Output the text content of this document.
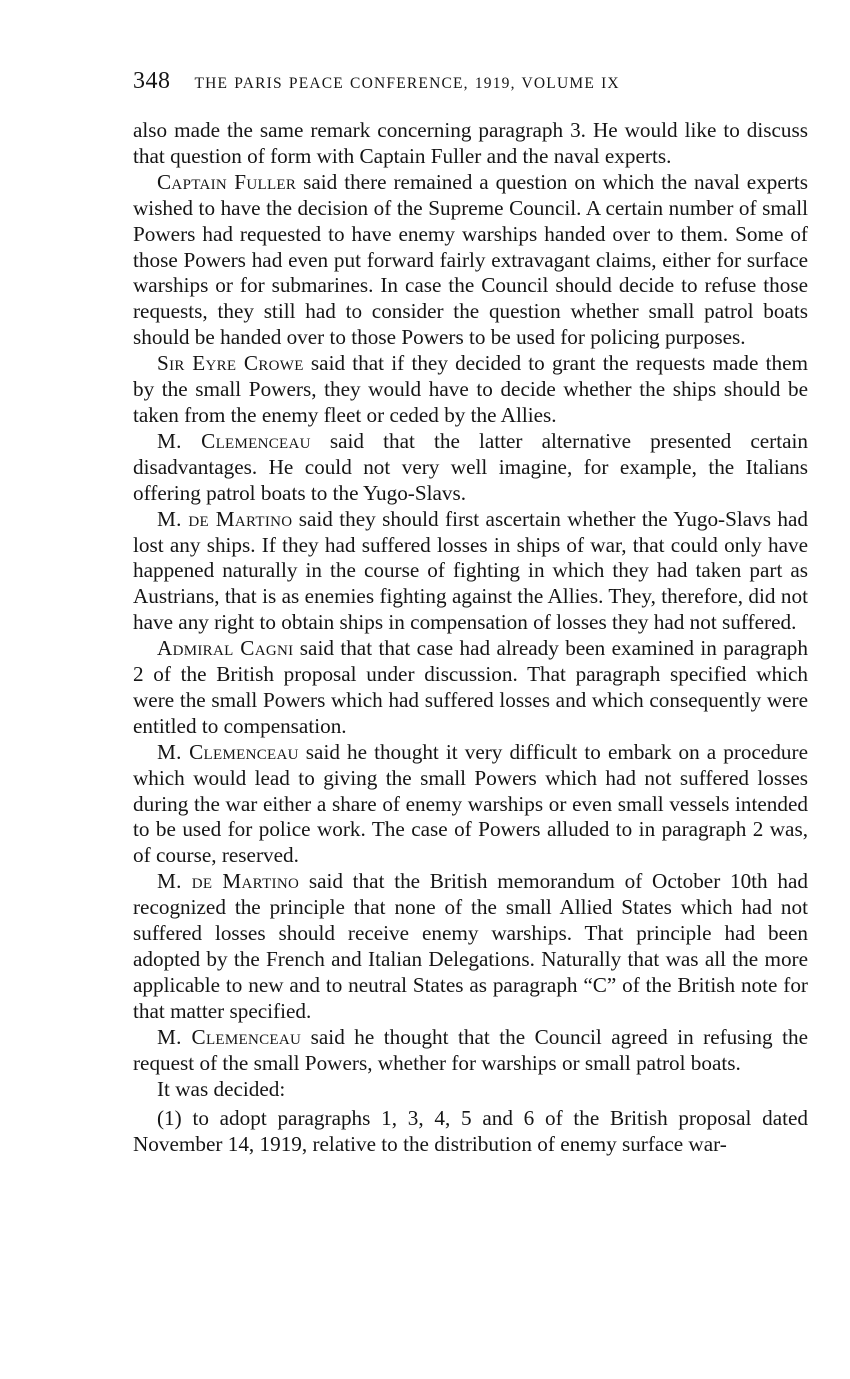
348 THE PARIS PEACE CONFERENCE, 1919, VOLUME IX

also made the same remark concerning paragraph 3. He would like to discuss that question of form with Captain Fuller and the naval experts.

Captain Fuller said there remained a question on which the naval experts wished to have the decision of the Supreme Council. A certain number of small Powers had requested to have enemy warships handed over to them. Some of those Powers had even put forward fairly extravagant claims, either for surface warships or for submarines. In case the Council should decide to refuse those requests, they still had to consider the question whether small patrol boats should be handed over to those Powers to be used for policing purposes.

Sir Eyre Crowe said that if they decided to grant the requests made them by the small Powers, they would have to decide whether the ships should be taken from the enemy fleet or ceded by the Allies.

M. Clemenceau said that the latter alternative presented certain disadvantages. He could not very well imagine, for example, the Italians offering patrol boats to the Yugo-Slavs.

M. de Martino said they should first ascertain whether the Yugo-Slavs had lost any ships. If they had suffered losses in ships of war, that could only have happened naturally in the course of fighting in which they had taken part as Austrians, that is as enemies fighting against the Allies. They, therefore, did not have any right to obtain ships in compensation of losses they had not suffered.

Admiral Cagni said that that case had already been examined in paragraph 2 of the British proposal under discussion. That paragraph specified which were the small Powers which had suffered losses and which consequently were entitled to compensation.

M. Clemenceau said he thought it very difficult to embark on a procedure which would lead to giving the small Powers which had not suffered losses during the war either a share of enemy warships or even small vessels intended to be used for police work. The case of Powers alluded to in paragraph 2 was, of course, reserved.

M. de Martino said that the British memorandum of October 10th had recognized the principle that none of the small Allied States which had not suffered losses should receive enemy warships. That principle had been adopted by the French and Italian Delegations. Naturally that was all the more applicable to new and to neutral States as paragraph “C” of the British note for that matter specified.

M. Clemenceau said he thought that the Council agreed in refusing the request of the small Powers, whether for warships or small patrol boats.

It was decided:

(1) to adopt paragraphs 1, 3, 4, 5 and 6 of the British proposal dated November 14, 1919, relative to the distribution of enemy surface war-
